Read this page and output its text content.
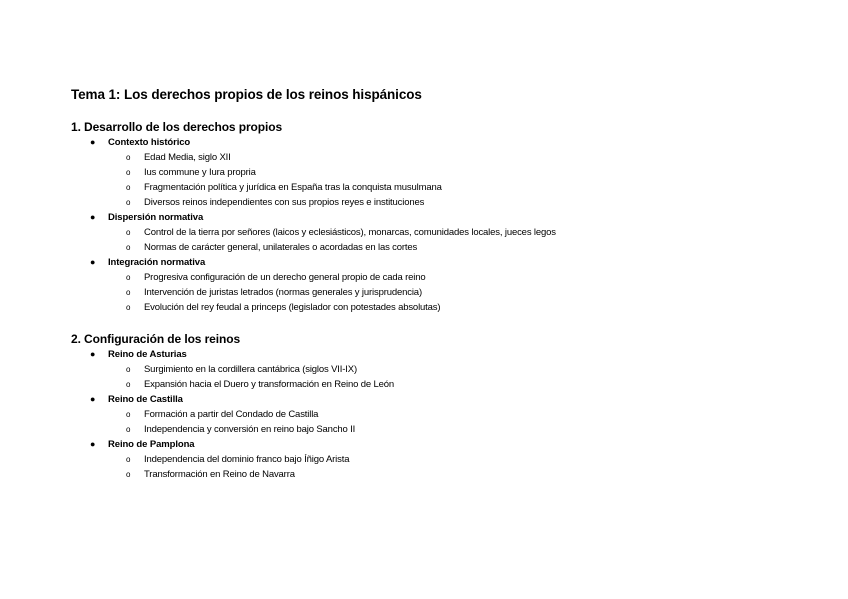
Tema 1: Los derechos propios de los reinos hispánicos
1. Desarrollo de los derechos propios
● Contexto histórico
o Edad Media, siglo XII
o Ius commune y Iura propria
o Fragmentación política y jurídica en España tras la conquista musulmana
o Diversos reinos independientes con sus propios reyes e instituciones
● Dispersión normativa
o Control de la tierra por señores (laicos y eclesiásticos), monarcas, comunidades locales, jueces legos
o Normas de carácter general, unilaterales o acordadas en las cortes
● Integración normativa
o Progresiva configuración de un derecho general propio de cada reino
o Intervención de juristas letrados (normas generales y jurisprudencia)
o Evolución del rey feudal a princeps (legislador con potestades absolutas)
2. Configuración de los reinos
● Reino de Asturias
o Surgimiento en la cordillera cantábrica (siglos VII-IX)
o Expansión hacia el Duero y transformación en Reino de León
● Reino de Castilla
o Formación a partir del Condado de Castilla
o Independencia y conversión en reino bajo Sancho II
● Reino de Pamplona
o Independencia del dominio franco bajo Íñigo Arista
o Transformación en Reino de Navarra
